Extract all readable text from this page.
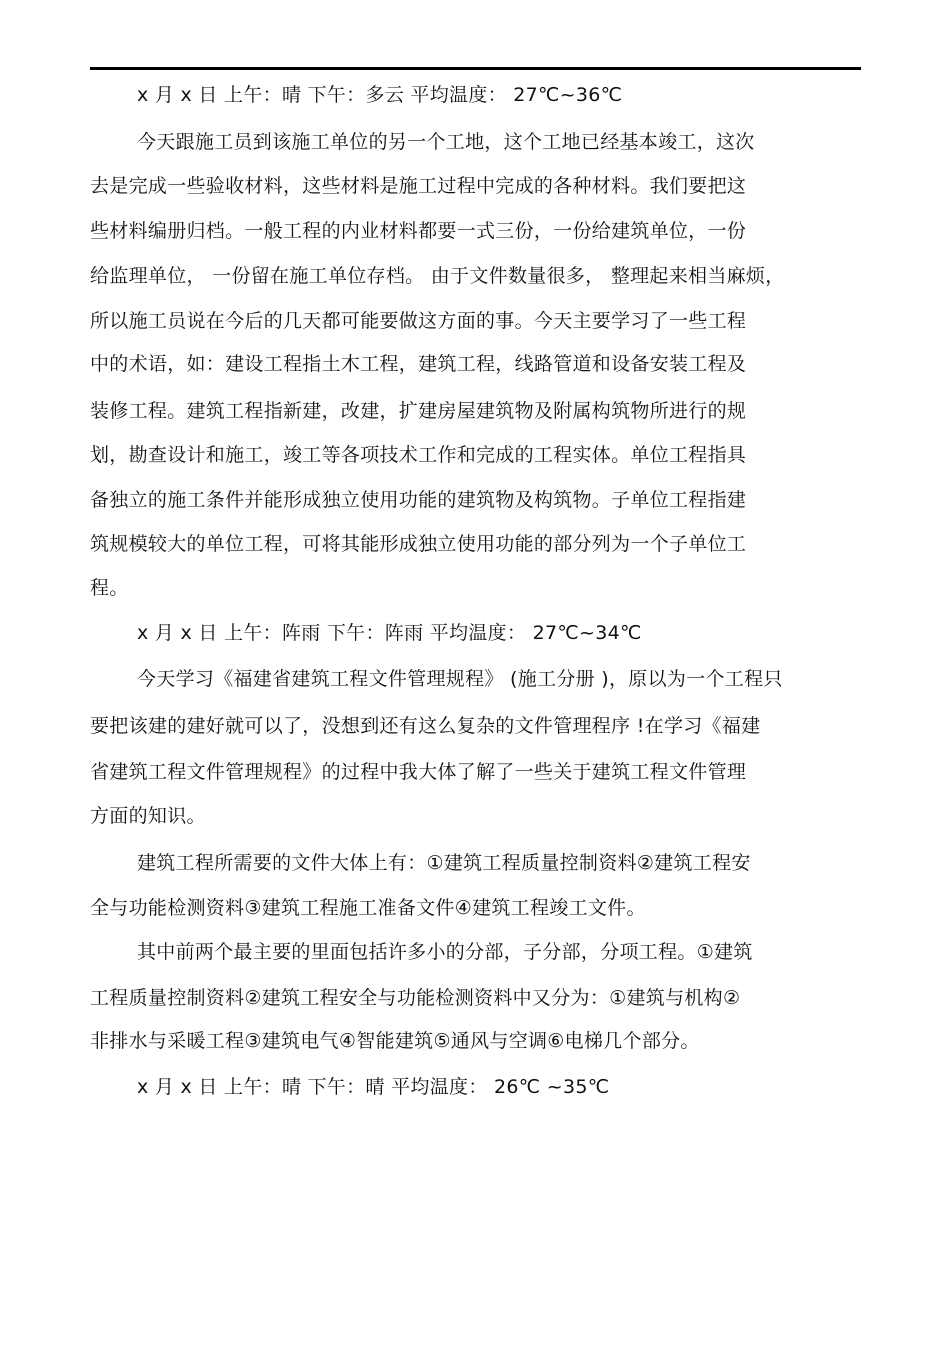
x 月 x 日 上午：晴 下午：多云 平均温度： 27℃~36℃

今天跟施工员到该施工单位的另一个工地，这个工地已经基本竣工，这次

去是完成一些验收材料，这些材料是施工过程中完成的各种材料。我们要把这

些材料编册归档。一般工程的内业材料都要一式三份，一份给建筑单位，一份

给监理单位， 一份留在施工单位存档。 由于文件数量很多， 整理起来相当麻烦，

所以施工员说在今后的几天都可能要做这方面的事。今天主要学习了一些工程

中的术语，如：建设工程指土木工程，建筑工程，线路管道和设备安装工程及

装修工程。建筑工程指新建，改建，扩建房屋建筑物及附属构筑物所进行的规

划，勘查设计和施工，竣工等各项技术工作和完成的工程实体。单位工程指具

备独立的施工条件并能形成独立使用功能的建筑物及构筑物。子单位工程指建

筑规模较大的单位工程，可将其能形成独立使用功能的部分列为一个子单位工

程。

x 月 x 日 上午：阵雨 下午：阵雨 平均温度： 27℃~34℃

今天学习《福建省建筑工程文件管理规程》 (施工分册 )，原以为一个工程只

要把该建的建好就可以了，没想到还有这么复杂的文件管理程序 !在学习《福建

省建筑工程文件管理规程》的过程中我大体了解了一些关于建筑工程文件管理

方面的知识。

建筑工程所需要的文件大体上有：①建筑工程质量控制资料②建筑工程安

全与功能检测资料③建筑工程施工准备文件④建筑工程竣工文件。

其中前两个最主要的里面包括许多小的分部，子分部，分项工程。①建筑

工程质量控制资料②建筑工程安全与功能检测资料中又分为：①建筑与机构②

非排水与采暖工程③建筑电气④智能建筑⑤通风与空调⑥电梯几个部分。

x 月 x 日 上午：晴 下午：晴 平均温度： 26℃ ~35℃
